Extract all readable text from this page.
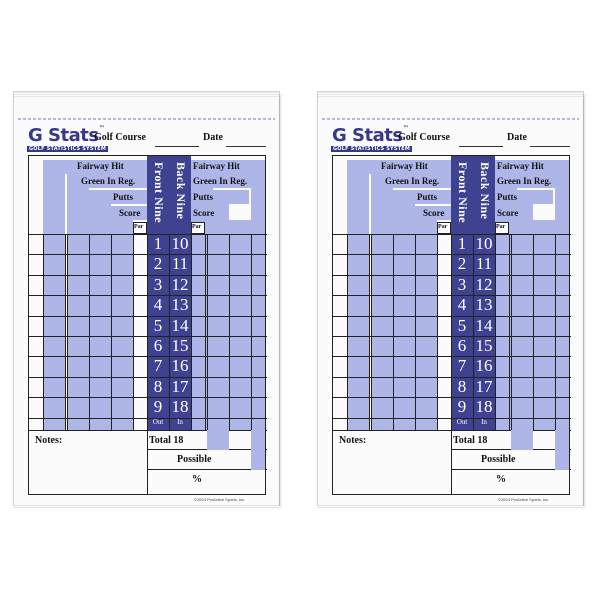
G Stats™
GOLF STATISTICS SYSTEM
Golf Course	Date
Fairway Hit
Green In Reg.
Putts
Score
Fairway Hit
Green In Reg.
Putts
Score
Par	Par
Front Nine Back Nine
1 10
2 11
3 12
4 13
5 14
6 15
7 16
8 17
9 18
Out	In
Notes:	Total 18
Possible
%
©2004 ProActive Sports, Inc.
G Stats™
GOLF STATISTICS SYSTEM
Golf Course	Date
Fairway Hit
Green In Reg.
Putts
Score
Fairway Hit
Green In Reg.
Putts
Score
Par	Par
Front Nine Back Nine
1 10
2 11
3 12
4 13
5 14
6 15
7 16
8 17
9 18
Out	In
Notes:	Total 18
Possible
%
©2004 ProActive Sports, Inc.
